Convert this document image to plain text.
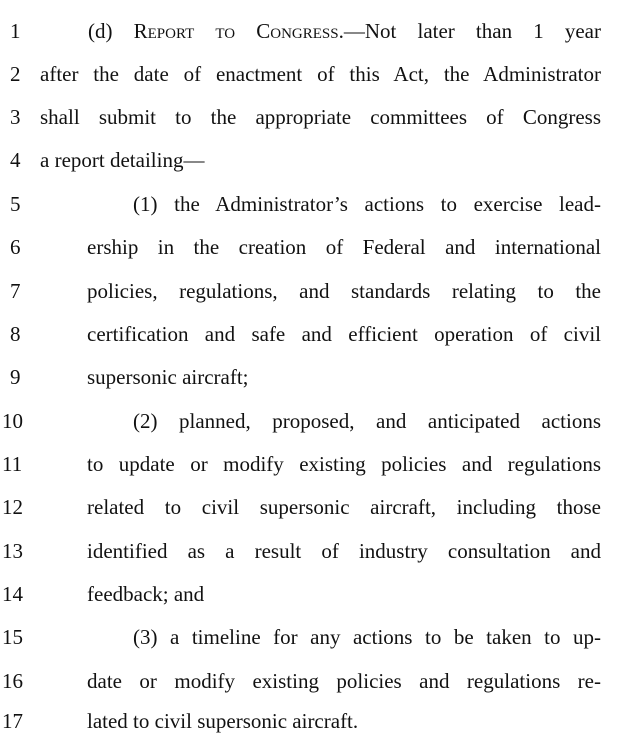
1	(d) Report to Congress.—Not later than 1 year
2 after the date of enactment of this Act, the Administrator
3 shall submit to the appropriate committees of Congress
4 a report detailing—
5	(1) the Administrator’s actions to exercise lead-
6	ership in the creation of Federal and international
7	policies, regulations, and standards relating to the
8	certification and safe and efficient operation of civil
9	supersonic aircraft;
10	(2) planned, proposed, and anticipated actions
11	to update or modify existing policies and regulations
12	related to civil supersonic aircraft, including those
13	identified as a result of industry consultation and
14	feedback; and
15	(3) a timeline for any actions to be taken to up-
16	date or modify existing policies and regulations re-
17	lated to civil supersonic aircraft.
